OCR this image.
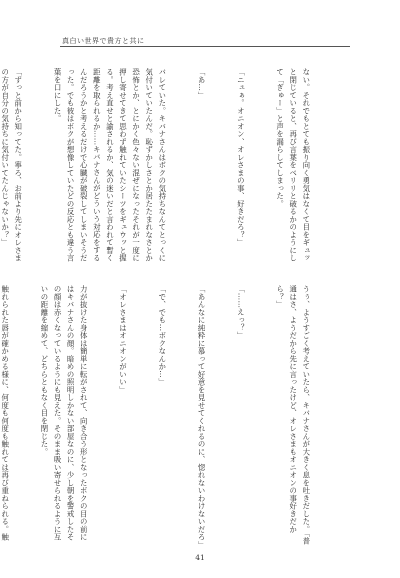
真白い世界で貴方と共に

ない。それでもとても振り向く勇気はなくて目をギュッと閉じていると、再び言葉をベリリと破るかのようにして「ぎゅー」と声を漏らしてしまった。

「ニュぁ。オニオン、オレさまの事、好きだろ？」

「あ…」

バレていた。キバナさんはボクの気持ちなんてとっくに気付いていたんだ。恥ずかしさとか居たたまれなさとか恐怖とか、とにかく色々ない混ぜになったそれが一度に押し寄せてきて思わず触れていたシーツをギュウッと握る。考え直せと諭されるか、気の迷いだと言われて暫く距離を取られるか……キバナさんがどういう対応をするんだろうかと考えるだけで心臓が破裂してしまいそうだった。でも彼はボクが想像していたどの反応とも違う言葉を口にした。

「ずっと前から知ってた。寧ろ、お前より先にオレさまの方が自分の気持ちに気付いてたんじゃないか？」

うぅ、ようすごく考えていたら、キバナさんが大きく息を吐きだした。「普通はさ、ようだから先に言ったけど、オレさまもオニオンの事好きだから？」

「……えっ？」

「あんなに純粋に慕って好意を見せてくれるのに、惚れないわけないだろ」

「で、でも…ボクなんか…」

「オレさまはオニオンがいい」

力が抜けた身体は簡単に転がされて、向き合う形となったボクの目の前にはキバナさんの顔。暗めの照明しかない部屋なのに、少し朝を警戒したその顔は赤くなっているようにも見えた。そのまま吸い寄せられるように互いの距離を縮めて、どちらともなく目を閉じた。

触れられた唇が確かめる様に、何度も何度も触れては再び重ねられる。触

41
